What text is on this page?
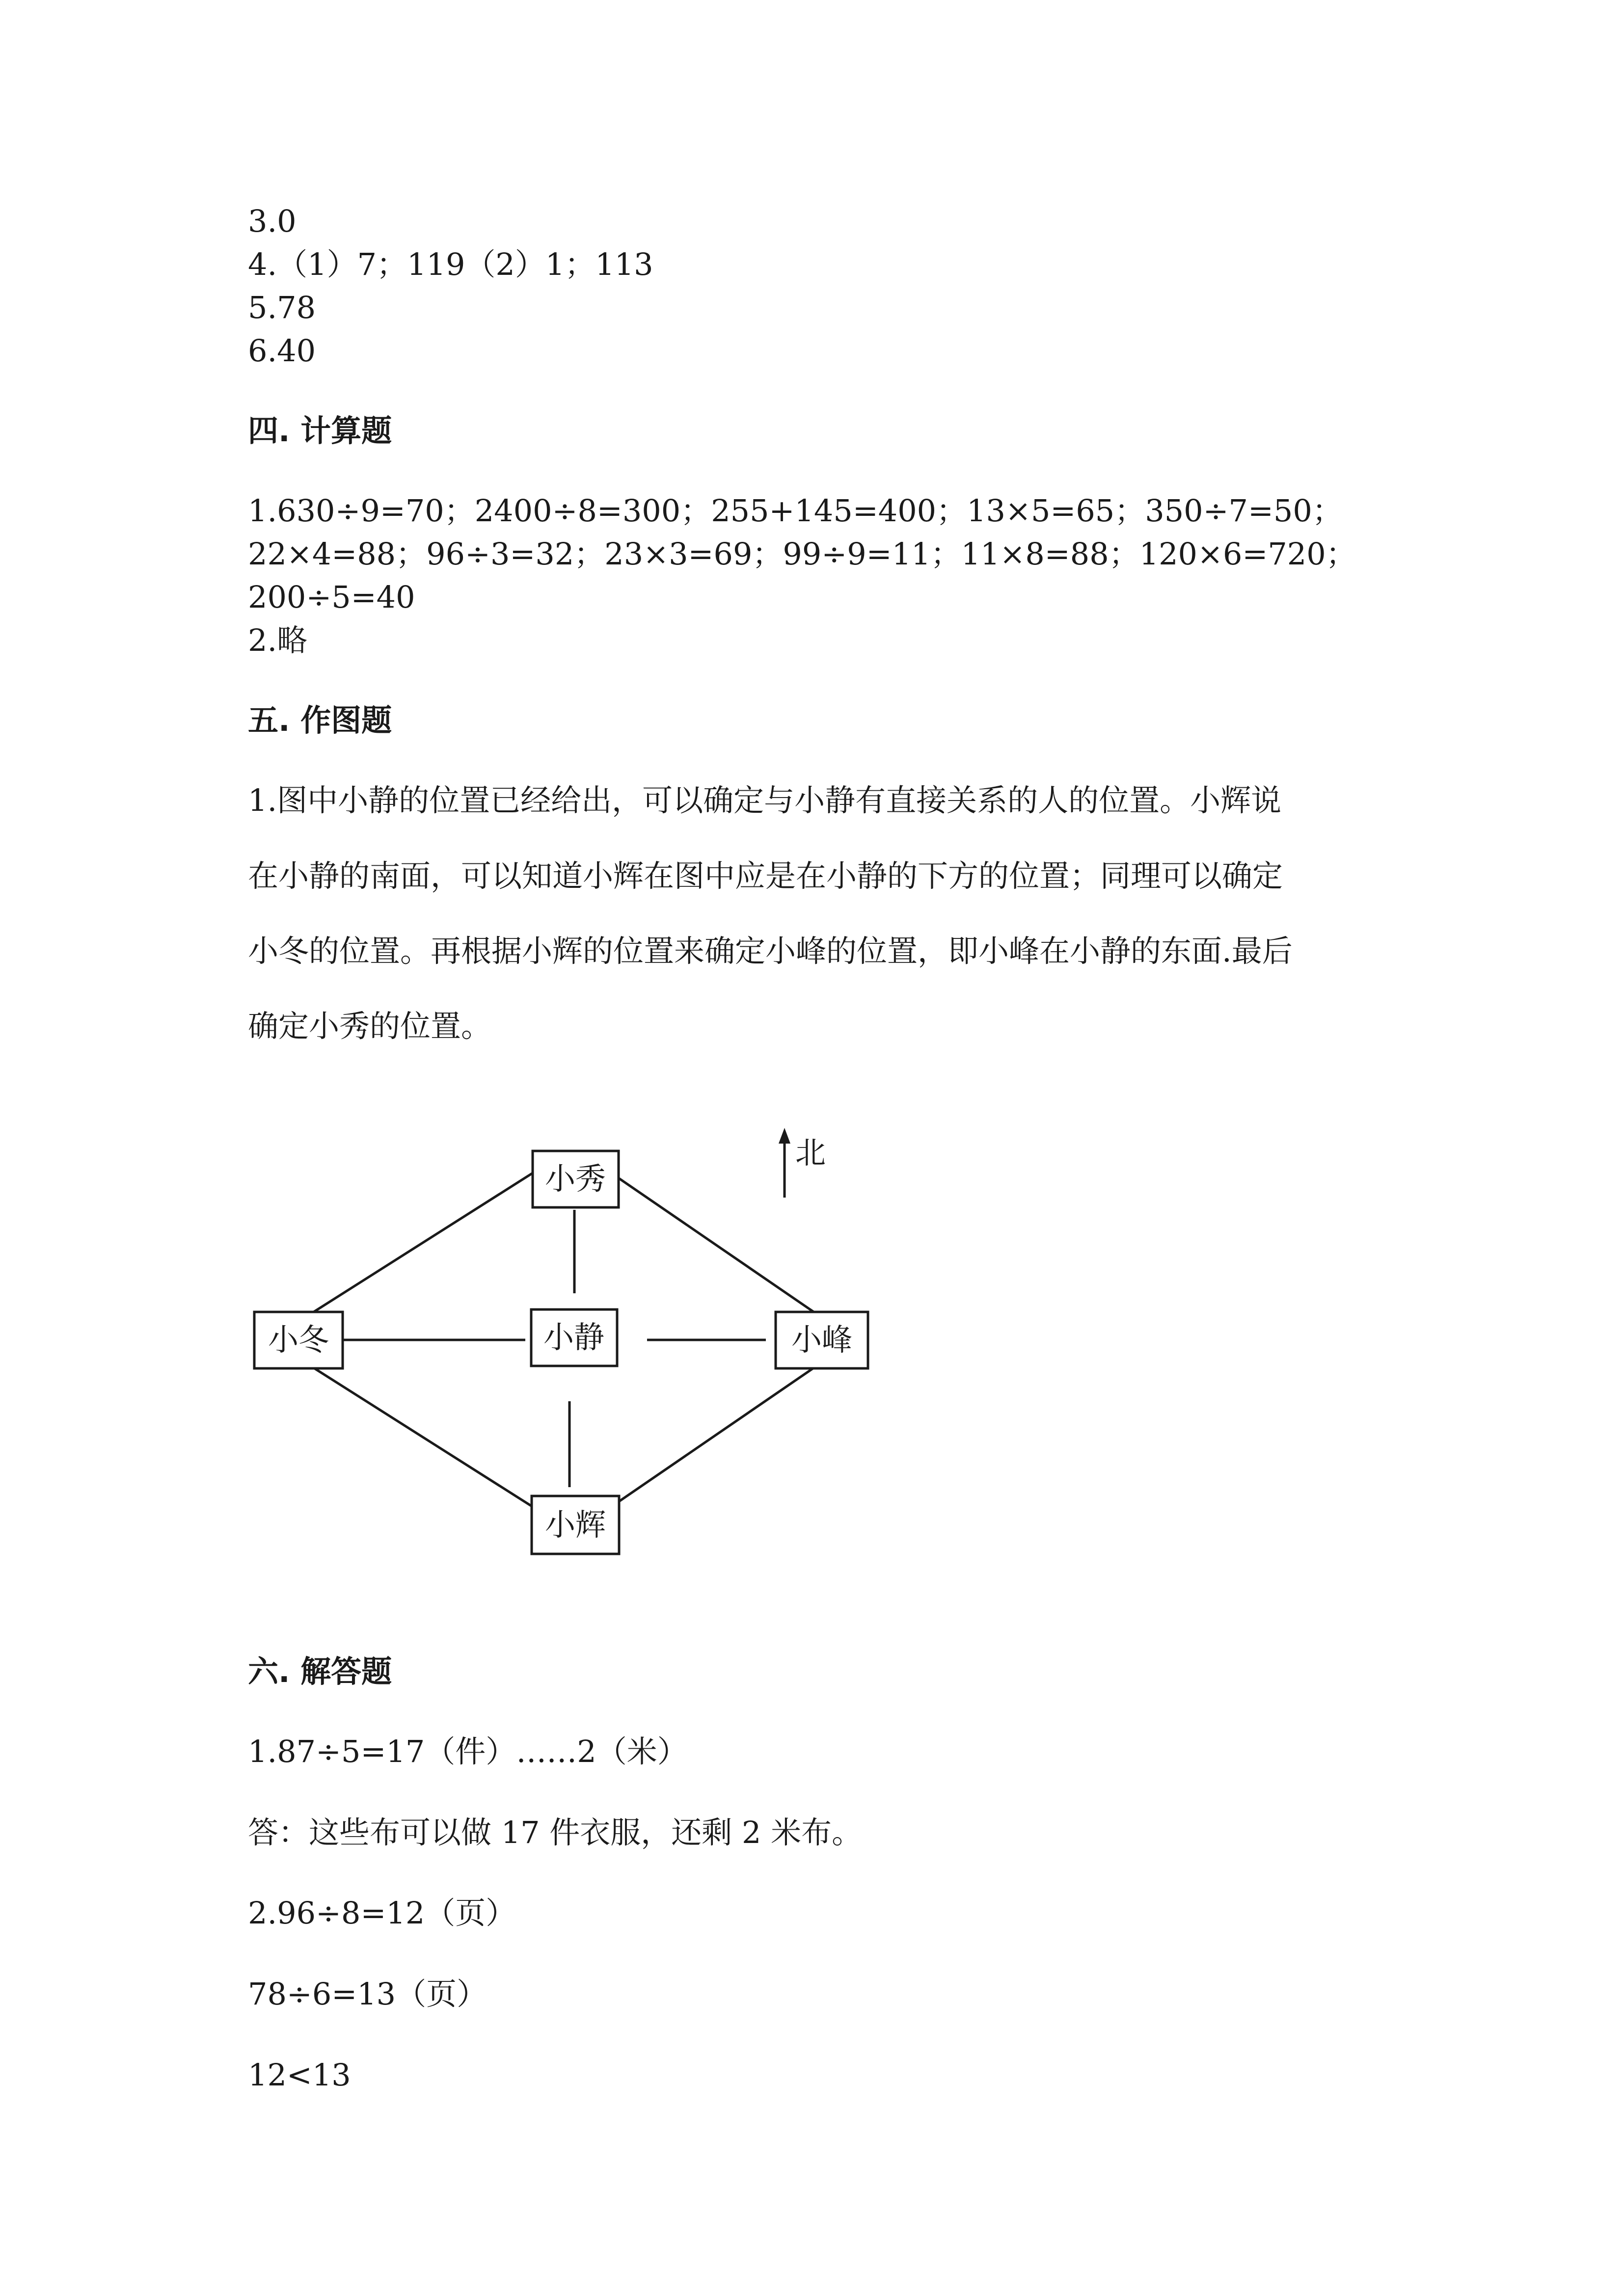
3.0
4.（1）7；119（2）1；113
5.78
6.40
四. 计算题
1.630÷9=70；2400÷8=300；255+145=400；13×5=65；350÷7=50；
22×4=88；96÷3=32；23×3=69；99÷9=11；11×8=88；120×6=720；
200÷5=40
2.略
五. 作图题
1.图中小静的位置已经给出，可以确定与小静有直接关系的人的位置。小辉说
在小静的南面，可以知道小辉在图中应是在小静的下方的位置；同理可以确定
小冬的位置。再根据小辉的位置来确定小峰的位置，即小峰在小静的东面.最后
确定小秀的位置。
北
小秀
小冬	小静	小峰
小辉
六. 解答题
1.87÷5=17（件）……2（米）
答：这些布可以做 17 件衣服，还剩 2 米布。
2.96÷8=12（页）
78÷6=13（页）
12<13
